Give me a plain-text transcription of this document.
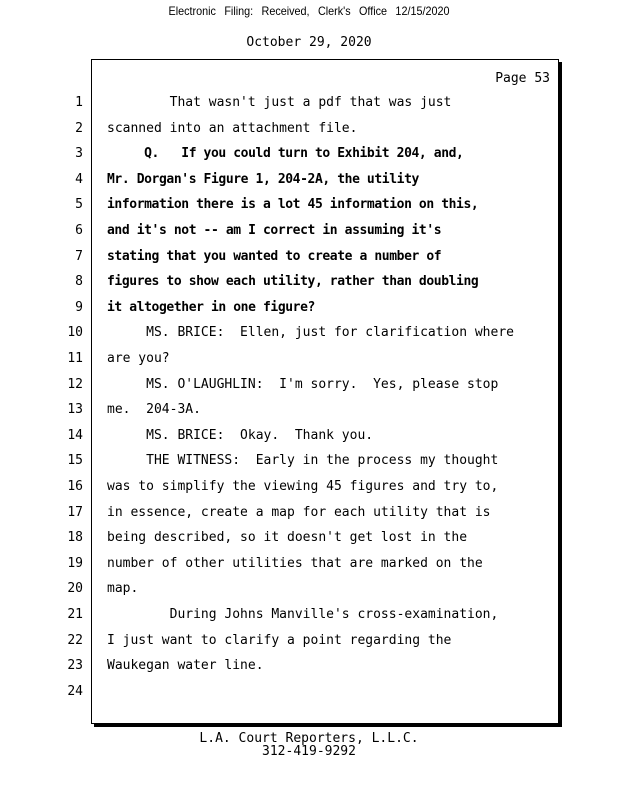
Electronic Filing: Received, Clerk's Office 12/15/2020
October 29, 2020
Page 53
1 That wasn't just a pdf that was just
2 scanned into an attachment file.
3 Q.   If you could turn to Exhibit 204, and,
4 Mr. Dorgan's Figure 1, 204-2A, the utility
5 information there is a lot 45 information on this,
6 and it's not -- am I correct in assuming it's
7 stating that you wanted to create a number of
8 figures to show each utility, rather than doubling
9 it altogether in one figure?
10 MS. BRICE:  Ellen, just for clarification where
11 are you?
12 MS. O'LAUGHLIN:  I'm sorry.  Yes, please stop
13 me.  204-3A.
14 MS. BRICE:  Okay.  Thank you.
15 THE WITNESS:  Early in the process my thought
16 was to simplify the viewing 45 figures and try to,
17 in essence, create a map for each utility that is
18 being described, so it doesn't get lost in the
19 number of other utilities that are marked on the
20 map.
21 During Johns Manville's cross-examination,
22 I just want to clarify a point regarding the
23 Waukegan water line.
24
L.A. Court Reporters, L.L.C.
312-419-9292
